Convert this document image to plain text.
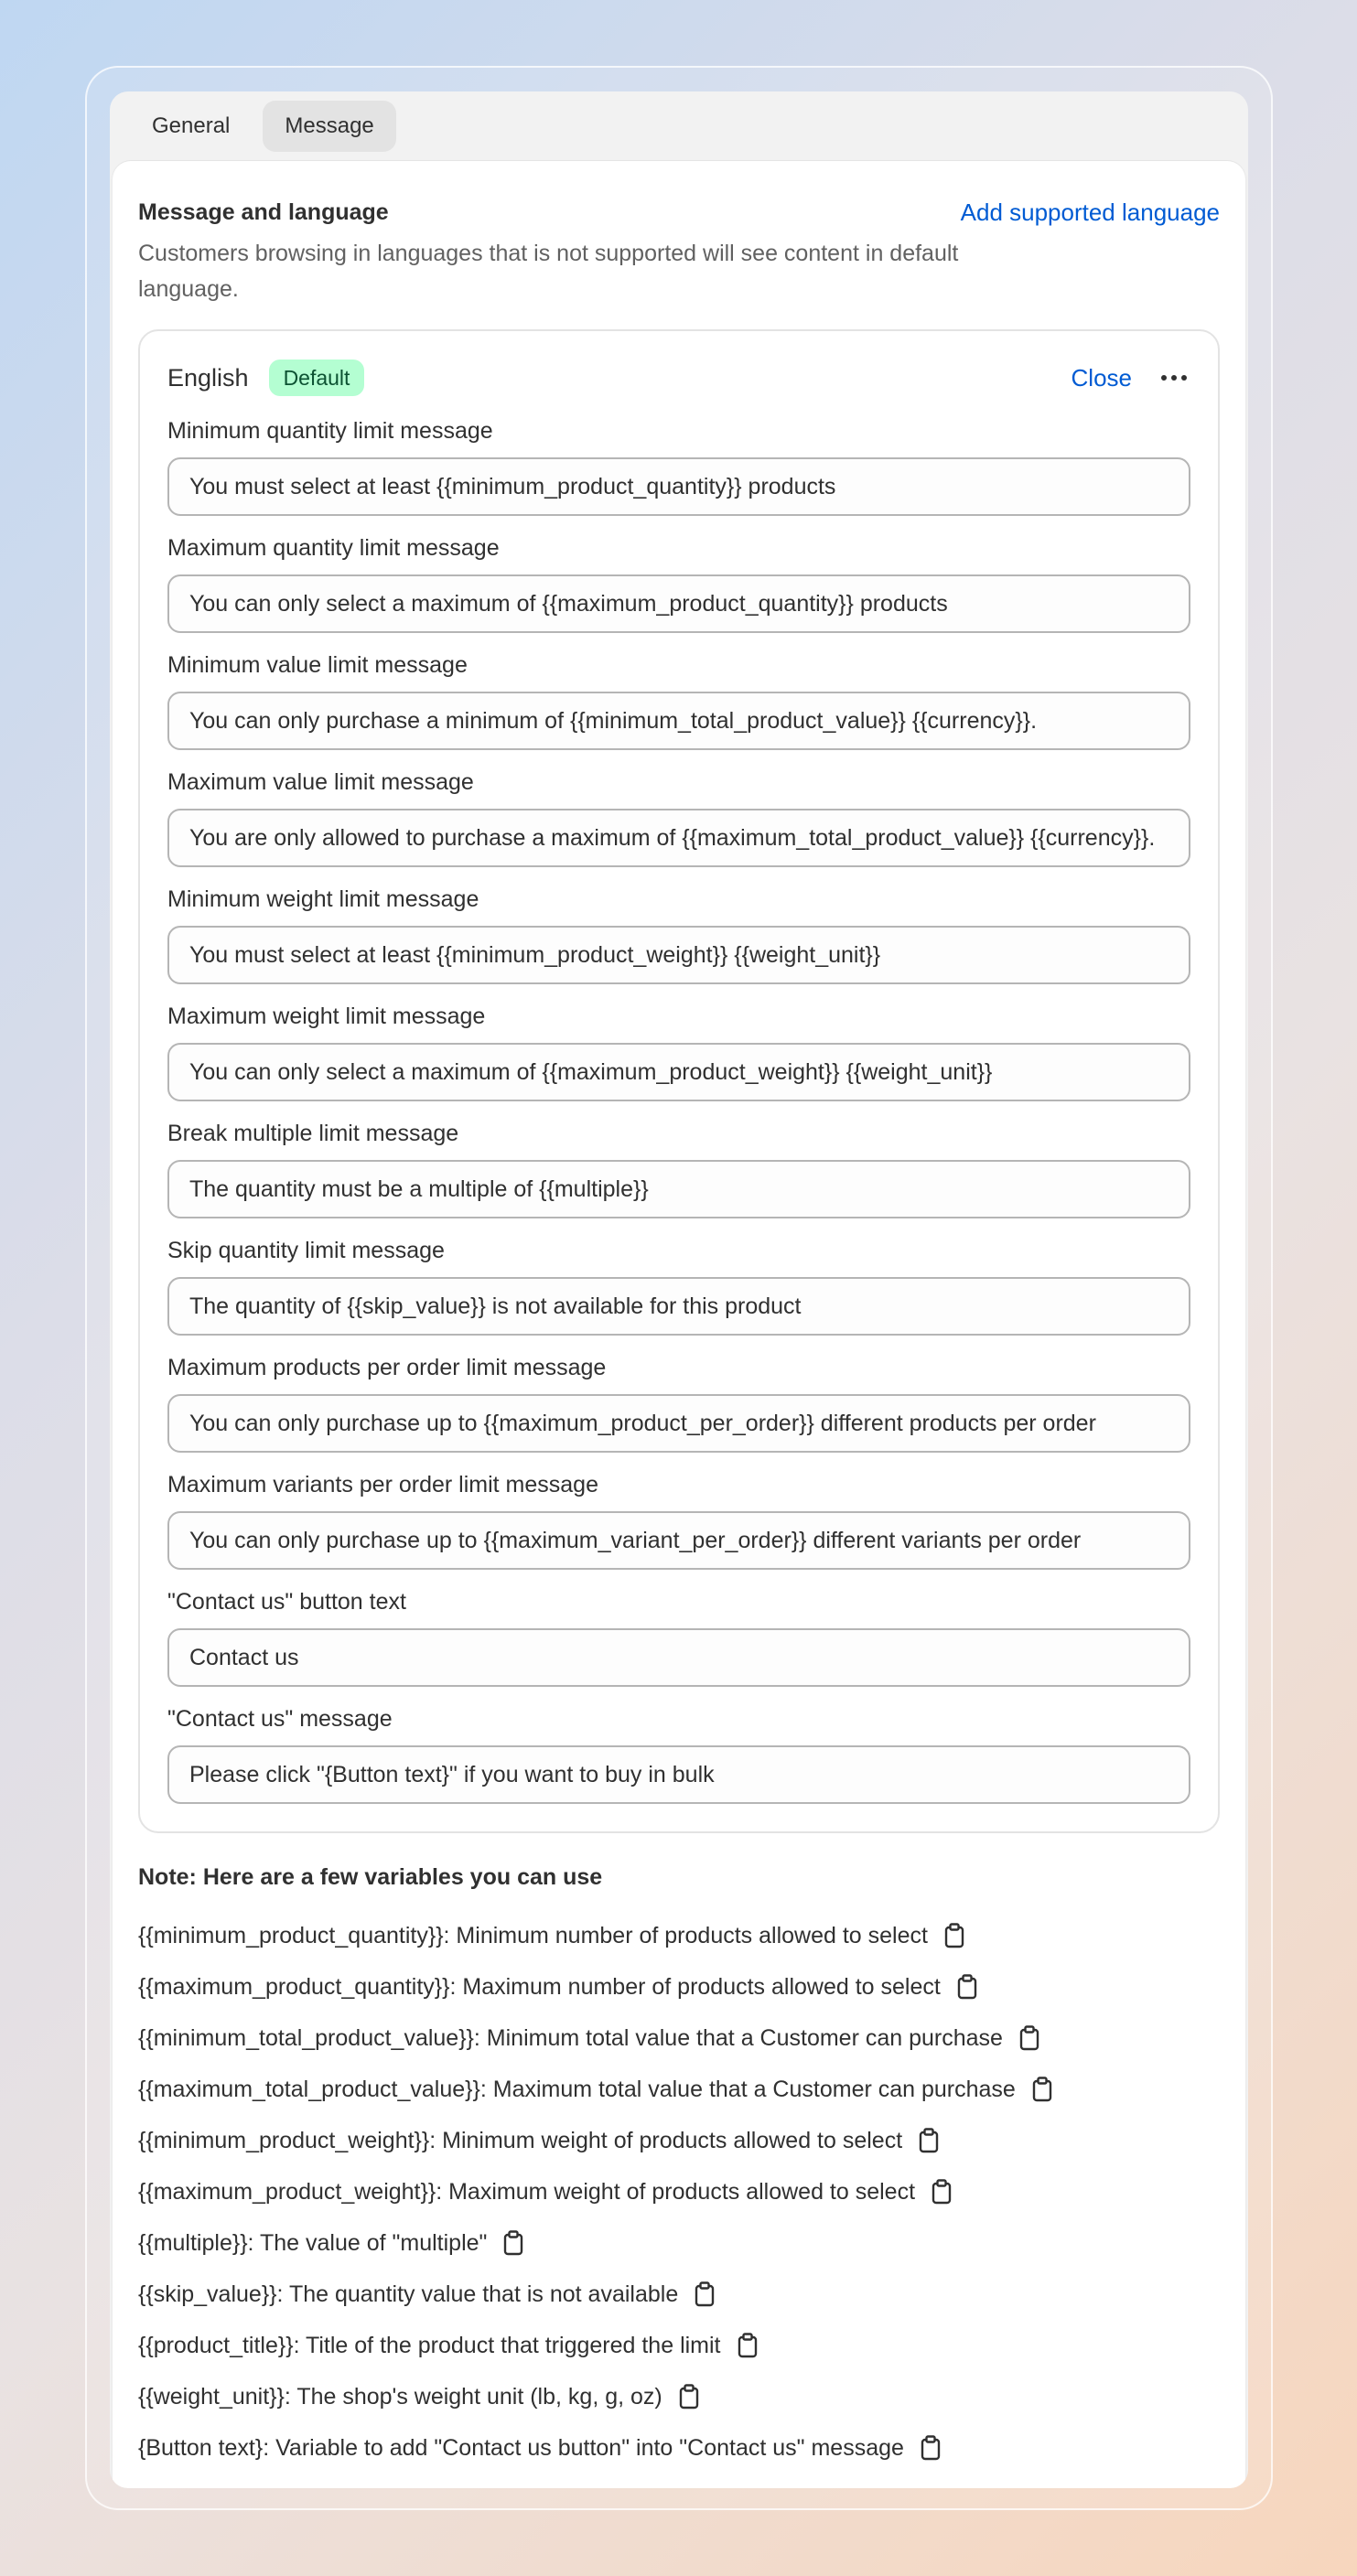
General	Message
Message and language	Add supported language
Customers browsing in languages that is not supported will see content in default language.
English	Default	Close
Minimum quantity limit message
You must select at least {{minimum_product_quantity}} products
Maximum quantity limit message
You can only select a maximum of {{maximum_product_quantity}} products
Minimum value limit message
You can only purchase a minimum of {{minimum_total_product_value}} {{currency}}.
Maximum value limit message
You are only allowed to purchase a maximum of {{maximum_total_product_value}} {{currency}}.
Minimum weight limit message
You must select at least {{minimum_product_weight}} {{weight_unit}}
Maximum weight limit message
You can only select a maximum of {{maximum_product_weight}} {{weight_unit}}
Break multiple limit message
The quantity must be a multiple of {{multiple}}
Skip quantity limit message
The quantity of {{skip_value}} is not available for this product
Maximum products per order limit message
You can only purchase up to {{maximum_product_per_order}} different products per order
Maximum variants per order limit message
You can only purchase up to {{maximum_variant_per_order}} different variants per order
"Contact us" button text
Contact us
"Contact us" message
Please click "{Button text}" if you want to buy in bulk
Note: Here are a few variables you can use
{{minimum_product_quantity}}: Minimum number of products allowed to select
{{maximum_product_quantity}}: Maximum number of products allowed to select
{{minimum_total_product_value}}: Minimum total value that a Customer can purchase
{{maximum_total_product_value}}: Maximum total value that a Customer can purchase
{{minimum_product_weight}}: Minimum weight of products allowed to select
{{maximum_product_weight}}: Maximum weight of products allowed to select
{{multiple}}: The value of "multiple"
{{skip_value}}: The quantity value that is not available
{{product_title}}: Title of the product that triggered the limit
{{weight_unit}}: The shop's weight unit (lb, kg, g, oz)
{Button text}: Variable to add "Contact us button" into "Contact us" message
